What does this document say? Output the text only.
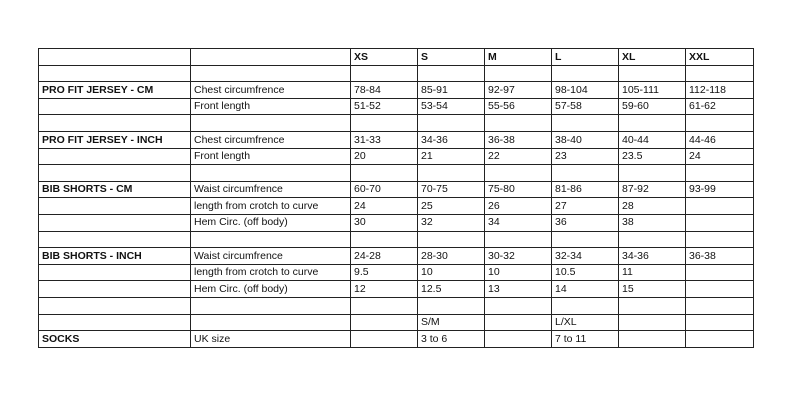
		XS	S	M	L	XL	XXL

PRO FIT JERSEY - CM	Chest circumfrence	78-84	85-91	92-97	98-104	105-111	112-118
	Front length	51-52	53-54	55-56	57-58	59-60	61-62

PRO FIT JERSEY - INCH	Chest circumfrence	31-33	34-36	36-38	38-40	40-44	44-46
	Front length	20	21	22	23	23.5	24

BIB SHORTS - CM	Waist circumfrence	60-70	70-75	75-80	81-86	87-92	93-99
	length from crotch to curve	24	25	26	27	28	
	Hem Circ. (off body)	30	32	34	36	38	

BIB SHORTS - INCH	Waist circumfrence	24-28	28-30	30-32	32-34	34-36	36-38
	length from crotch to curve	9.5	10	10	10.5	11	
	Hem Circ. (off body)	12	12.5	13	14	15	

			S/M		L/XL		
SOCKS	UK size		3 to 6		7 to 11		
